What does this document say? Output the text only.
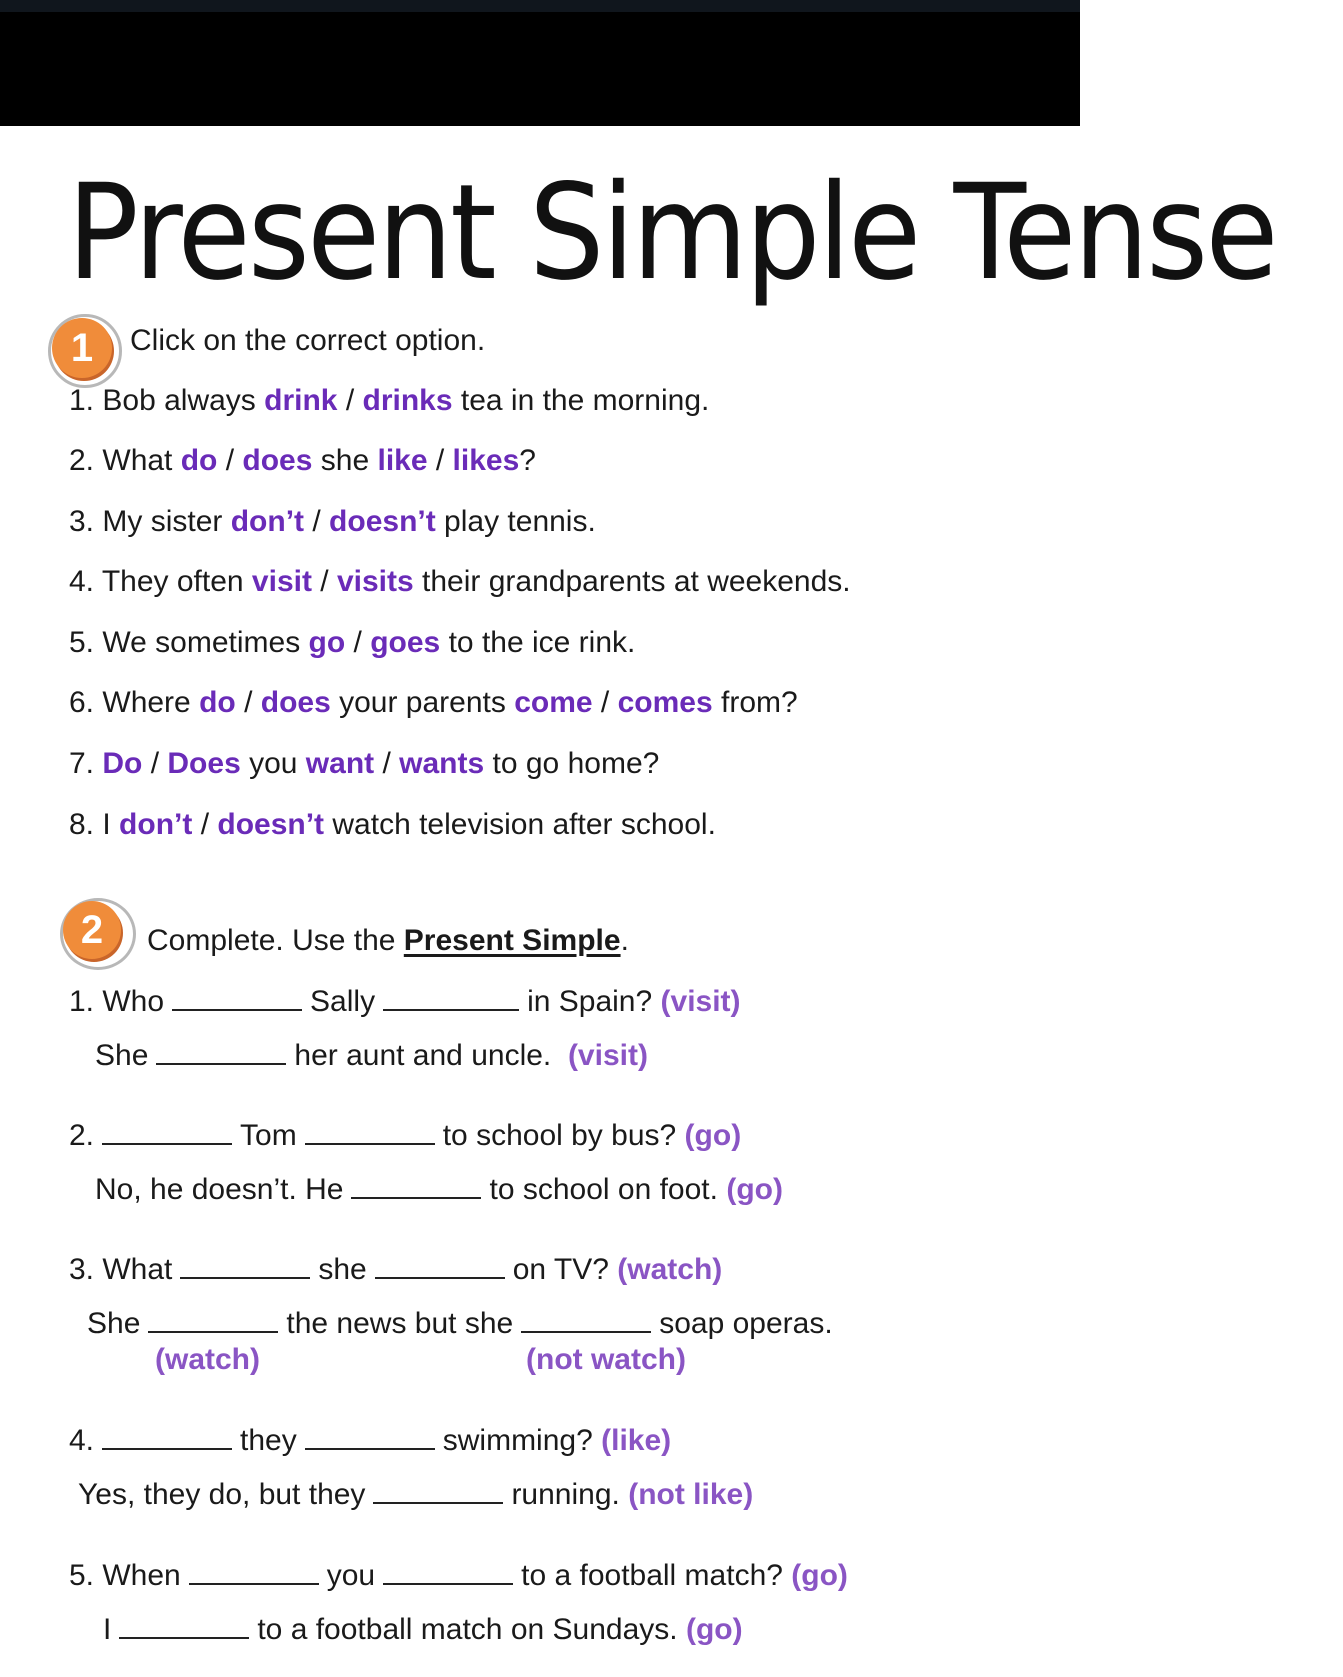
Present Simple Tense
1	Click on the correct option.
1. Bob always drink / drinks tea in the morning.
2. What do / does she like / likes?
3. My sister don’t / doesn’t play tennis.
4. They often visit / visits their grandparents at weekends.
5. We sometimes go / goes to the ice rink.
6. Where do / does your parents come / comes from?
7. Do / Does you want / wants to go home?
8. I don’t / doesn’t watch television after school.
2	Complete. Use the Present Simple.
1. Who	Sally	in Spain? (visit)
She	her aunt and uncle. (visit)
2.	Tom	to school by bus? (go)
No, he doesn’t. He	to school on foot. (go)
3. What	she	on TV? (watch)
She	the news but she	soap operas.
(watch)	(not watch)
4.	they	swimming? (like)
Yes, they do, but they	running. (not like)
5. When	you	to a football match? (go)
I	to a football match on Sundays. (go)
